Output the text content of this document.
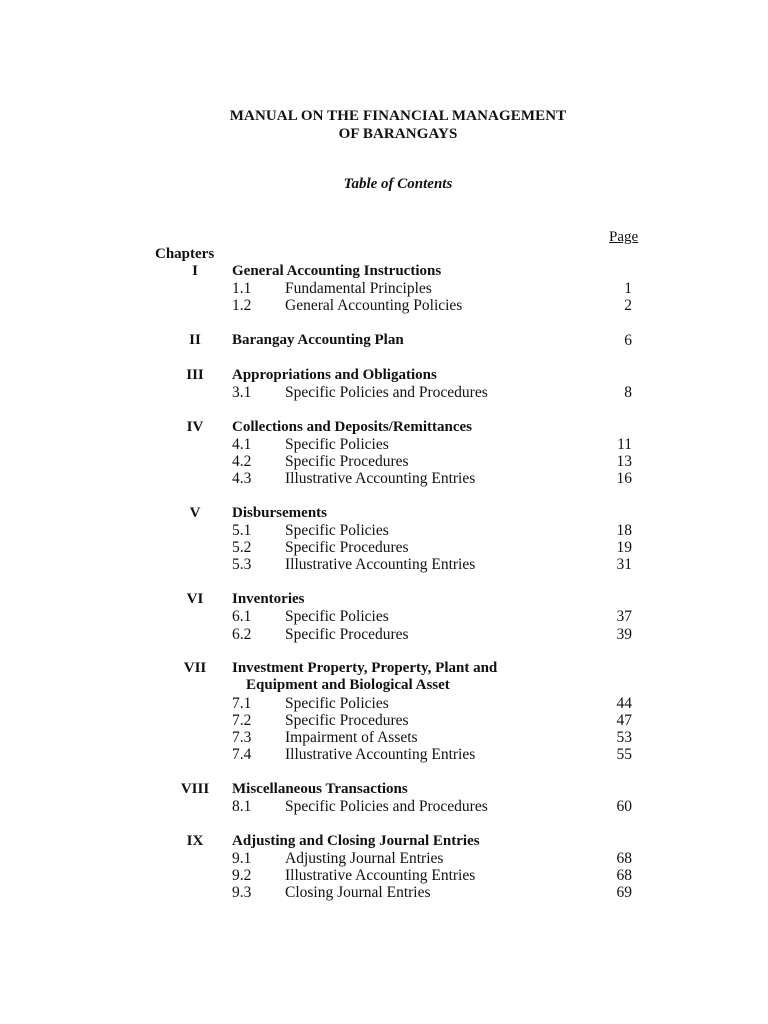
MANUAL ON THE FINANCIAL MANAGEMENT
OF BARANGAYS
Table of Contents
Page
Chapters
I	General Accounting Instructions
1.1 Fundamental Principles	1
1.2 General Accounting Policies	2
II	Barangay Accounting Plan	6
III	Appropriations and Obligations
3.1 Specific Policies and Procedures	8
IV	Collections and Deposits/Remittances
4.1 Specific Policies	11
4.2 Specific Procedures	13
4.3 Illustrative Accounting Entries	16
V	Disbursements
5.1 Specific Policies	18
5.2 Specific Procedures	19
5.3 Illustrative Accounting Entries	31
VI	Inventories
6.1 Specific Policies	37
6.2 Specific Procedures	39
VII	Investment Property, Property, Plant and
Equipment and Biological Asset
7.1 Specific Policies	44
7.2 Specific Procedures	47
7.3 Impairment of Assets	53
7.4 Illustrative Accounting Entries	55
VIII	Miscellaneous Transactions
8.1 Specific Policies and Procedures	60
IX	Adjusting and Closing Journal Entries
9.1 Adjusting Journal Entries	68
9.2 Illustrative Accounting Entries	68
9.3 Closing Journal Entries	69
